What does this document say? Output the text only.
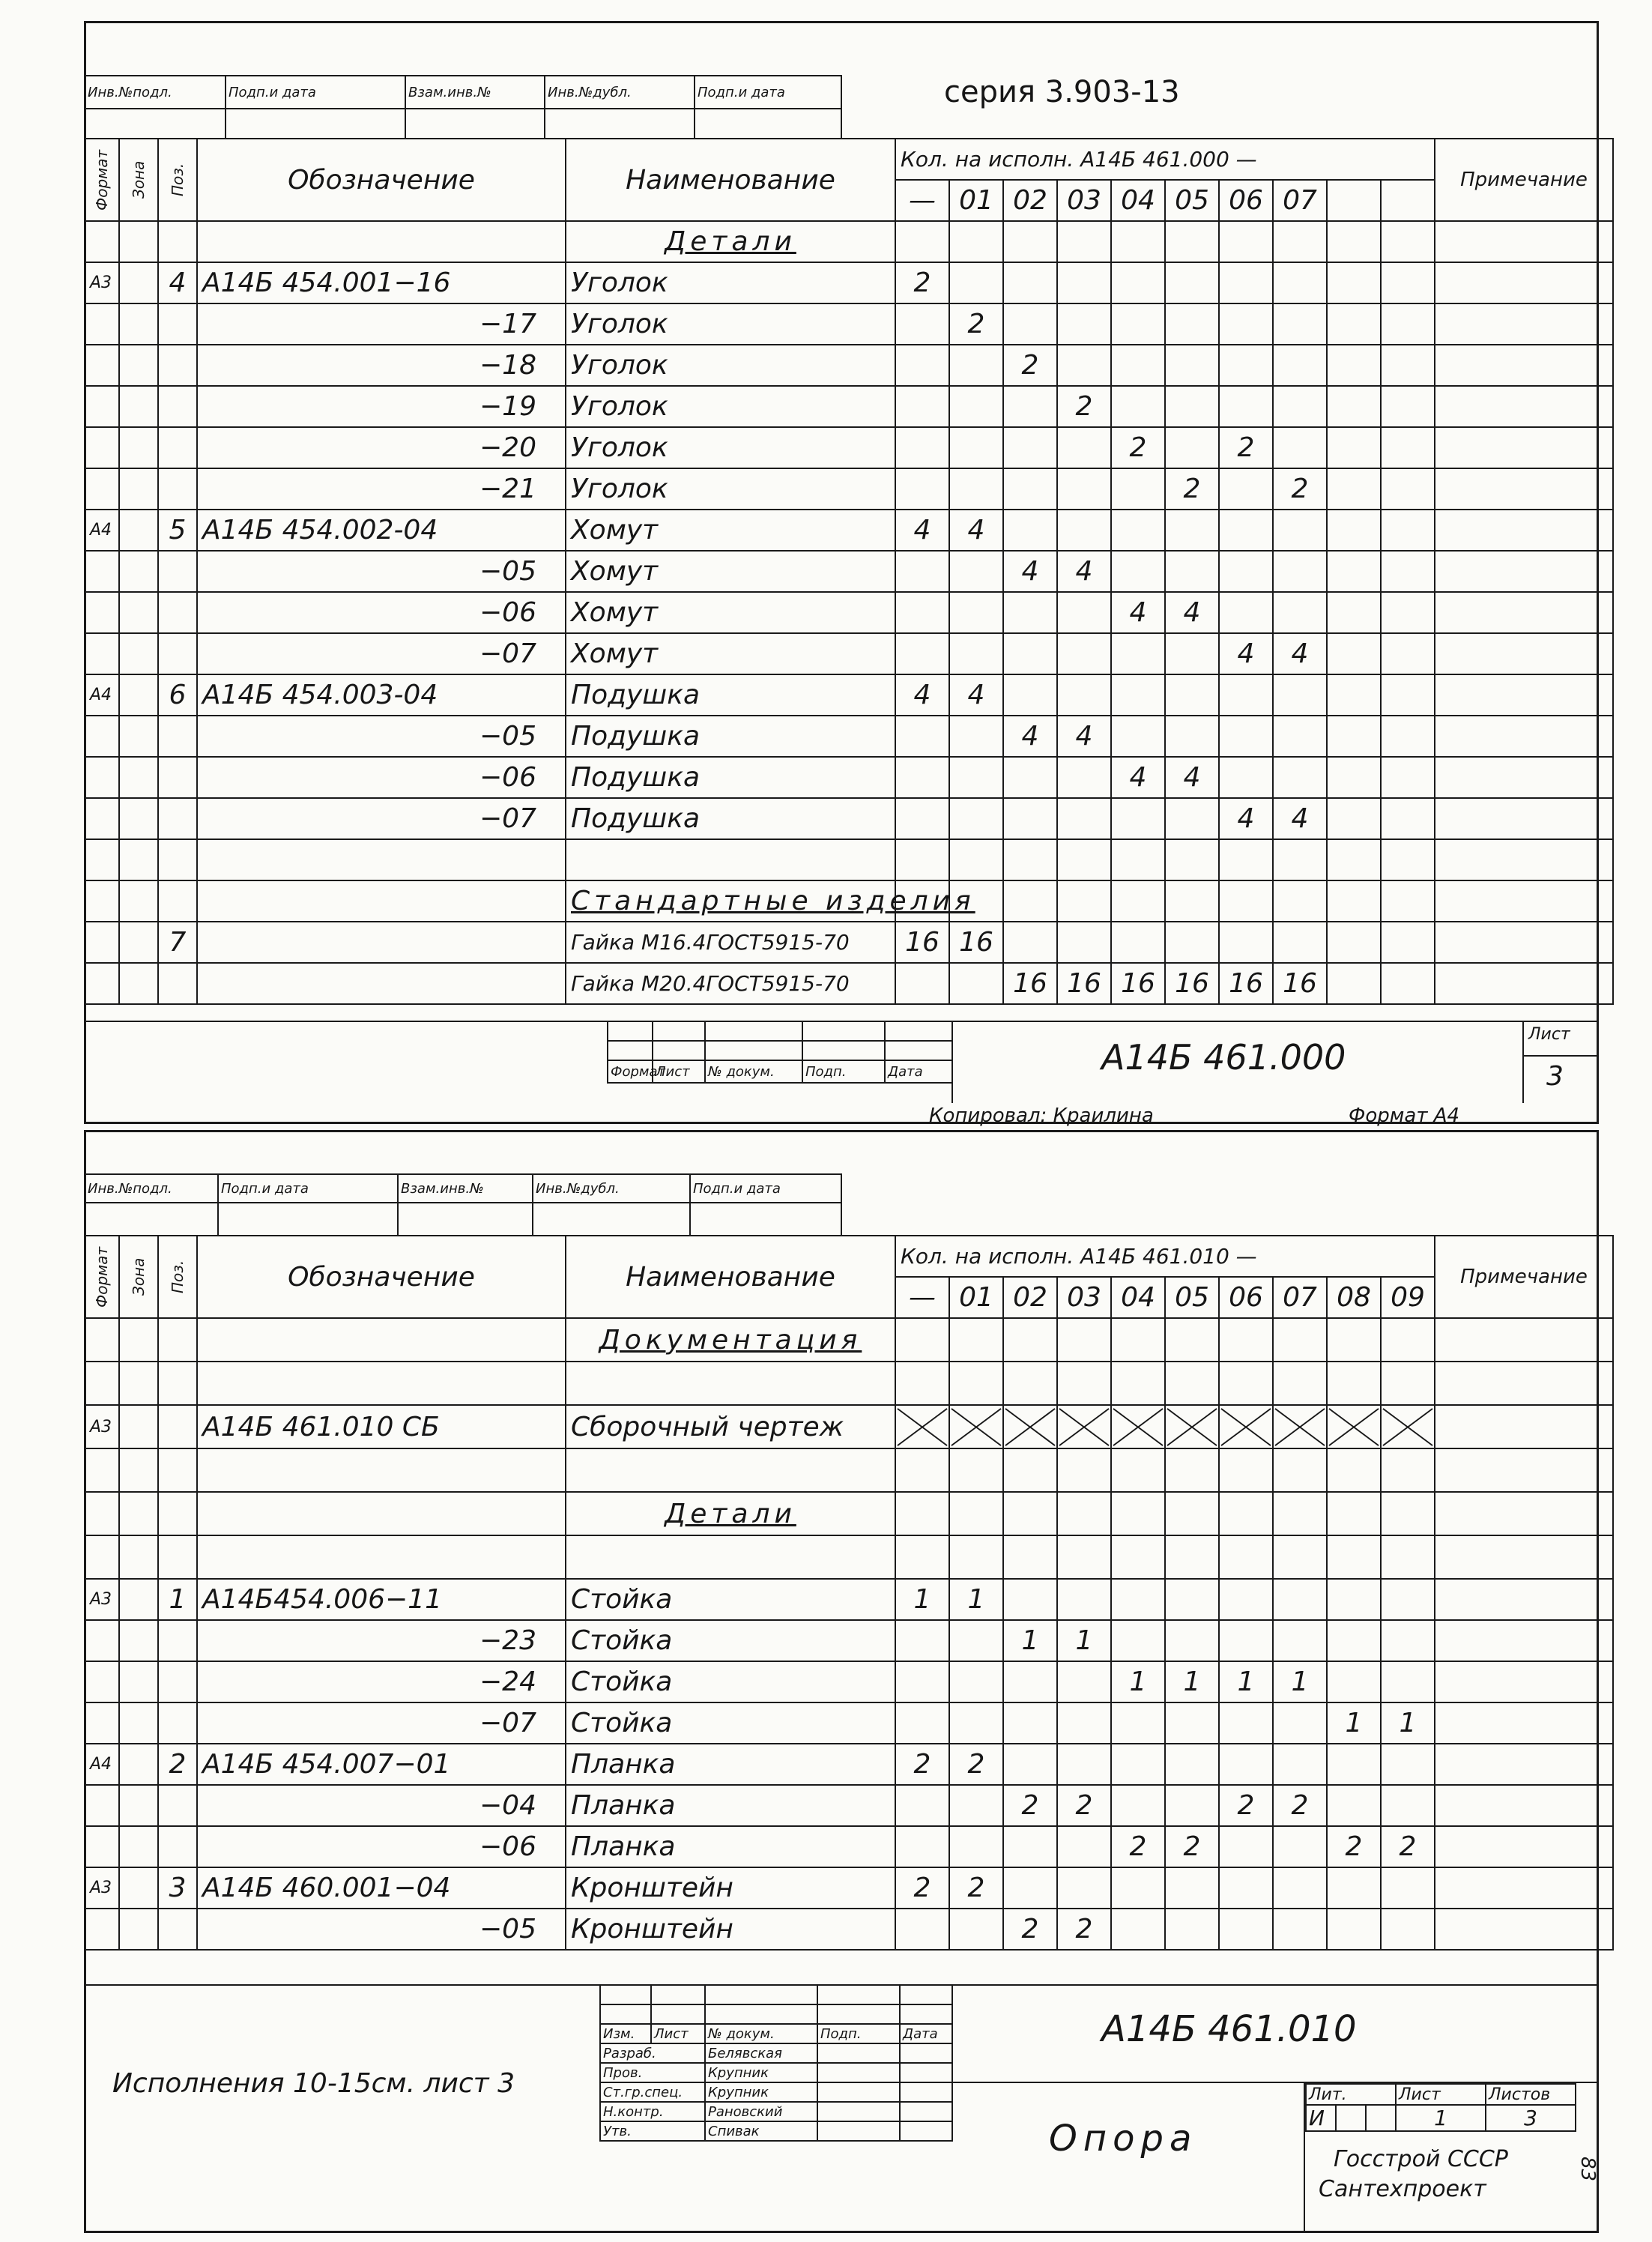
Инв.№подл.	Подп.и дата	Взам.инв.№	Инв.№дубл.	Подп.и дата
					серия 3.903-13
Формат	Зона	Поз.	Обозначение	Наименование	Кол. на исполн. А14Б 461.000 —										Примечание
					—	01	02	03	04	05	06	07			
				Детали											
А3		4	А14Б 454.001−16	Уголок	2										
			−17	Уголок		2									
			−18	Уголок			2								
			−19	Уголок				2							
			−20	Уголок					2		2				
			−21	Уголок						2		2			
А4		5	А14Б 454.002-04	Хомут	4	4									
			−05	Хомут			4	4							
			−06	Хомут					4	4					
			−07	Хомут							4	4			
А4		6	А14Б 454.003-04	Подушка	4	4									
			−05	Подушка			4	4							
			−06	Подушка					4	4					
			−07	Подушка							4	4			

				Стандартные изделия											
		7		Гайка М16.4ГОСТ5915-70	16	16									
				Гайка М20.4ГОСТ5915-70			16	16	16	16	16	16			

Формат	Лист	№ докум.	Подп.	Дата	А14Б 461.000
Лист
3
Копировал: Краилина	Формат А4
Инв.№подл.	Подп.и дата	Взам.инв.№	Инв.№дубл.	Подп.и дата

Формат	Зона	Поз.	Обозначение	Наименование	Кол. на исполн. А14Б 461.010 —										Примечание
					—	01	02	03	04	05	06	07	08	09	
				Документация											

А3			А14Б 461.010 СБ	Сборочный чертеж	

				Детали											

А3		1	А14Б454.006−11	Стойка	1	1									
			−23	Стойка			1	1							
			−24	Стойка					1	1	1	1			
			−07	Стойка									1	1	
А4		2	А14Б 454.007−01	Планка	2	2									
			−04	Планка			2	2			2	2			
			−06	Планка					2	2			2	2	
А3		3	А14Б 460.001−04	Кронштейн	2	2									
			−05	Кронштейн			2	2							
Исполнения 10-15см. лист 3

Изм.	Лист	№ докум.	Подп.	Дата
Разраб.		Белявская		
Пров.		Крупник		
Ст.гр.спец.		Крупник		
Н.контр.		Рановский		
Утв.		Спивак		
А14Б 461.010
Опора
Лит.			Лист	Листов
И			1	3
Госстрой СССР
Сантехпроект
83
